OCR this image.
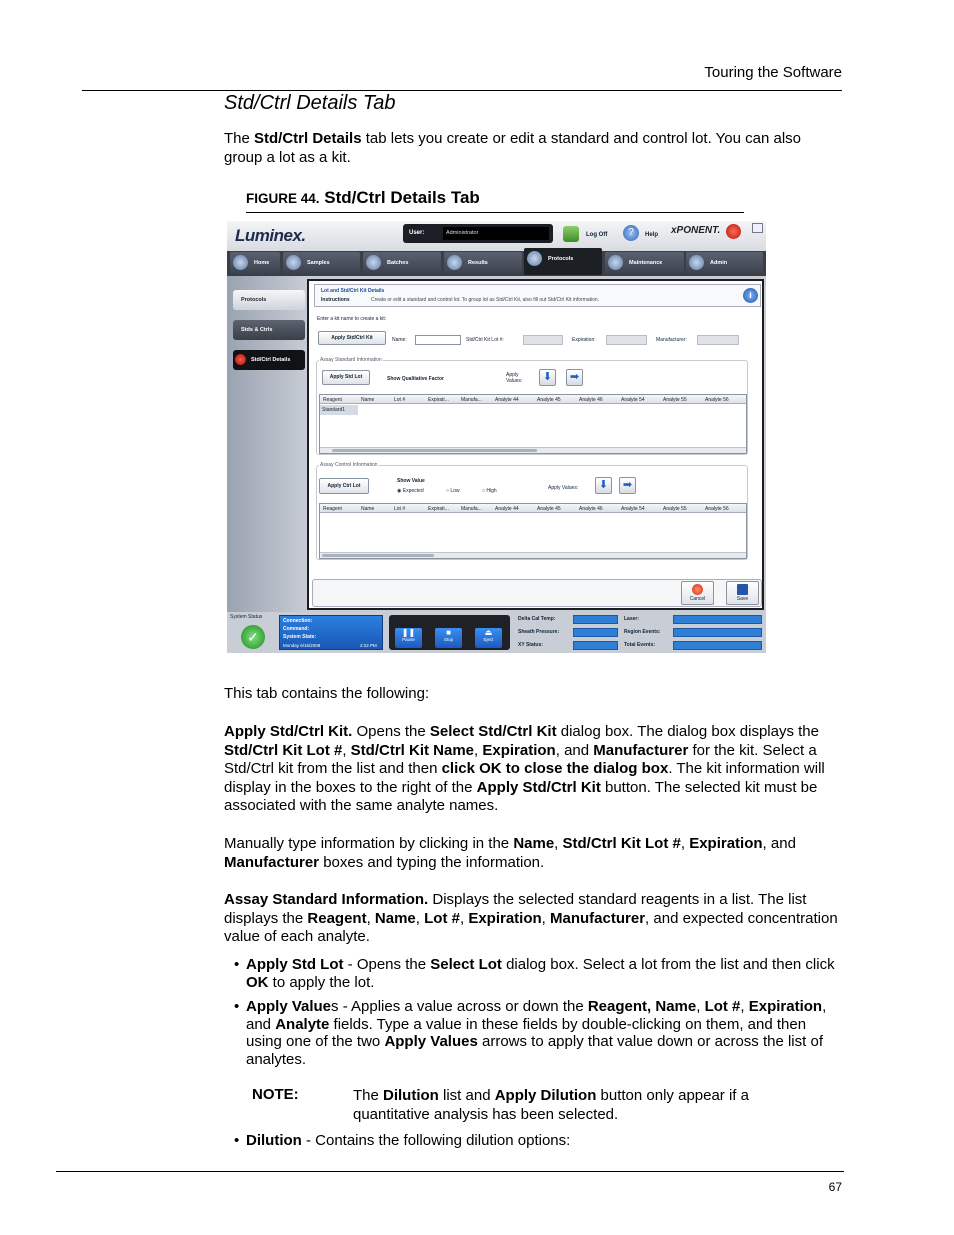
Touring the Software
Std/Ctrl Details Tab
The Std/Ctrl Details tab lets you create or edit a standard and control lot. You can also group a lot as a kit.
FIGURE 44. Std/Ctrl Details Tab
Luminex.	User:	Administrator	Log Off	?	Help xPONENT.
Home	Samples	Batches	Results
Protocols
Maintenance	Admin
Protocols
Stds & Ctrls
Std/Ctrl Details
Lot and Std/Ctrl Kit Details
Instructions	Create or edit a standard and control lot. To group lot as Std/Ctrl Kit, also fill out Std/Ctrl Kit information.	i
Enter a kit name to create a kit:
Apply Std/Ctrl Kit	Name:	Std/Ctrl Kit Lot #:	Expiration:	Manufacturer:
Assay Standard Information
Apply Std Lot	Show Qualitative Factor
Apply Values:	⬇	➡
Reagent	Name	Lot #	Expirati... Manufa...	Analyte 44	Analyte 45	Analyte 46	Analyte 54	Analyte 55	Analyte 56
Standard1
Assay Control Information
Apply Ctrl Lot
Show Value
◉ Expected	○ Low	○ High	Apply Values:	⬇	➡
Reagent	Name	Lot #	Expirati... Manufa...	Analyte 44	Analyte 45	Analyte 46	Analyte 54	Analyte 55	Analyte 56
Cancel	Save
System Status
✓
Connection:
Command:
System State:
Monday 6/16/2008	2:22 PM
❚❚
Pause
■
Stop
⏏
Eject
Delta Cal Temp:
Sheath Pressure:
XY Status:
Laser:
Region Events:
Total Events:
This tab contains the following:
Apply Std/Ctrl Kit. Opens the Select Std/Ctrl Kit dialog box. The dialog box displays the Std/Ctrl Kit Lot #, Std/Ctrl Kit Name, Expiration, and Manufacturer for the kit. Select a Std/Ctrl kit from the list and then click OK to close the dialog box. The kit information will display in the boxes to the right of the Apply Std/Ctrl Kit button. The selected kit must be associated with the same analyte names.
Manually type information by clicking in the Name, Std/Ctrl Kit Lot #, Expiration, and Manufacturer boxes and typing the information.
Assay Standard Information. Displays the selected standard reagents in a list. The list displays the Reagent, Name, Lot #, Expiration, Manufacturer, and expected concentration value of each analyte.
• Apply Std Lot - Opens the Select Lot dialog box. Select a lot from the list and then click OK to apply the lot.
• Apply Values - Applies a value across or down the Reagent, Name, Lot #, Expiration, and Analyte fields. Type a value in these fields by double-clicking on them, and then using one of the two Apply Values arrows to apply that value down or across the list of analytes.
NOTE:	The Dilution list and Apply Dilution button only appear if a quantitative analysis has been selected.
• Dilution - Contains the following dilution options:
67
